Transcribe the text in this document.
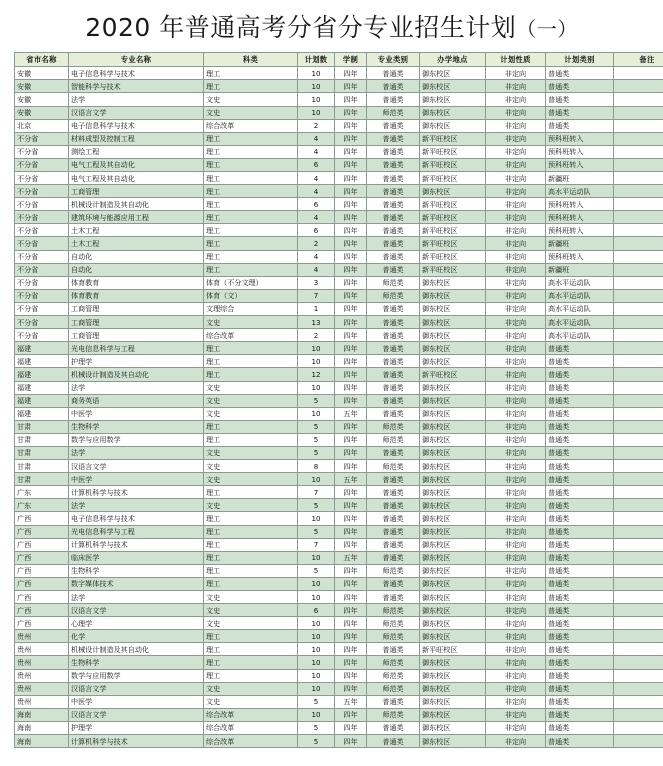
2020 年普通高考分省分专业招生计划（一）
省市名称	专业名称	科类	计划数	学制	专业类别	办学地点	计划性质	计划类别	备注
安徽	电子信息科学与技术	理工	10	四年	普通类	御东校区	非定向	普通类	
安徽	智能科学与技术	理工	10	四年	普通类	御东校区	非定向	普通类	
安徽	法学	文史	10	四年	普通类	御东校区	非定向	普通类	
安徽	汉语言文学	文史	10	四年	师范类	御东校区	非定向	普通类	
北京	电子信息科学与技术	综合改革	2	四年	普通类	御东校区	非定向	普通类	
不分省	材料成型及控制工程	理工	4	四年	普通类	新平旺校区	非定向	预科班转入	
不分省	测绘工程	理工	4	四年	普通类	新平旺校区	非定向	预科班转入	
不分省	电气工程及其自动化	理工	6	四年	普通类	新平旺校区	非定向	预科班转入	
不分省	电气工程及其自动化	理工	4	四年	普通类	新平旺校区	非定向	新疆班	
不分省	工商管理	理工	4	四年	普通类	御东校区	非定向	高水平运动队	
不分省	机械设计制造及其自动化	理工	6	四年	普通类	新平旺校区	非定向	预科班转入	
不分省	建筑环境与能源应用工程	理工	4	四年	普通类	新平旺校区	非定向	预科班转入	
不分省	土木工程	理工	6	四年	普通类	新平旺校区	非定向	预科班转入	
不分省	土木工程	理工	2	四年	普通类	新平旺校区	非定向	新疆班	
不分省	自动化	理工	4	四年	普通类	新平旺校区	非定向	预科班转入	
不分省	自动化	理工	4	四年	普通类	新平旺校区	非定向	新疆班	
不分省	体育教育	体育（不分文理）	3	四年	师范类	御东校区	非定向	高水平运动队	
不分省	体育教育	体育（文）	7	四年	师范类	御东校区	非定向	高水平运动队	
不分省	工商管理	文理综合	1	四年	普通类	御东校区	非定向	高水平运动队	
不分省	工商管理	文史	13	四年	普通类	御东校区	非定向	高水平运动队	
不分省	工商管理	综合改革	2	四年	普通类	御东校区	非定向	高水平运动队	
福建	光电信息科学与工程	理工	10	四年	普通类	御东校区	非定向	普通类	
福建	护理学	理工	10	四年	普通类	御东校区	非定向	普通类	
福建	机械设计制造及其自动化	理工	12	四年	普通类	新平旺校区	非定向	普通类	
福建	法学	文史	10	四年	普通类	御东校区	非定向	普通类	
福建	商务英语	文史	5	四年	普通类	御东校区	非定向	普通类	
福建	中医学	文史	10	五年	普通类	御东校区	非定向	普通类	
甘肃	生物科学	理工	5	四年	师范类	御东校区	非定向	普通类	
甘肃	数学与应用数学	理工	5	四年	师范类	御东校区	非定向	普通类	
甘肃	法学	文史	5	四年	普通类	御东校区	非定向	普通类	
甘肃	汉语言文学	文史	8	四年	师范类	御东校区	非定向	普通类	
甘肃	中医学	文史	10	五年	普通类	御东校区	非定向	普通类	
广东	计算机科学与技术	理工	7	四年	普通类	御东校区	非定向	普通类	
广东	法学	文史	5	四年	普通类	御东校区	非定向	普通类	
广西	电子信息科学与技术	理工	10	四年	普通类	御东校区	非定向	普通类	
广西	光电信息科学与工程	理工	5	四年	普通类	御东校区	非定向	普通类	
广西	计算机科学与技术	理工	7	四年	普通类	御东校区	非定向	普通类	
广西	临床医学	理工	10	五年	普通类	御东校区	非定向	普通类	
广西	生物科学	理工	5	四年	师范类	御东校区	非定向	普通类	
广西	数字媒体技术	理工	10	四年	普通类	御东校区	非定向	普通类	
广西	法学	文史	10	四年	普通类	御东校区	非定向	普通类	
广西	汉语言文学	文史	6	四年	师范类	御东校区	非定向	普通类	
广西	心理学	文史	10	四年	师范类	御东校区	非定向	普通类	
贵州	化学	理工	10	四年	师范类	御东校区	非定向	普通类	
贵州	机械设计制造及其自动化	理工	10	四年	普通类	新平旺校区	非定向	普通类	
贵州	生物科学	理工	10	四年	师范类	御东校区	非定向	普通类	
贵州	数学与应用数学	理工	10	四年	师范类	御东校区	非定向	普通类	
贵州	汉语言文学	文史	10	四年	师范类	御东校区	非定向	普通类	
贵州	中医学	文史	5	五年	普通类	御东校区	非定向	普通类	
海南	汉语言文学	综合改革	10	四年	师范类	御东校区	非定向	普通类	
海南	护理学	综合改革	5	四年	普通类	御东校区	非定向	普通类	
海南	计算机科学与技术	综合改革	5	四年	普通类	御东校区	非定向	普通类	
